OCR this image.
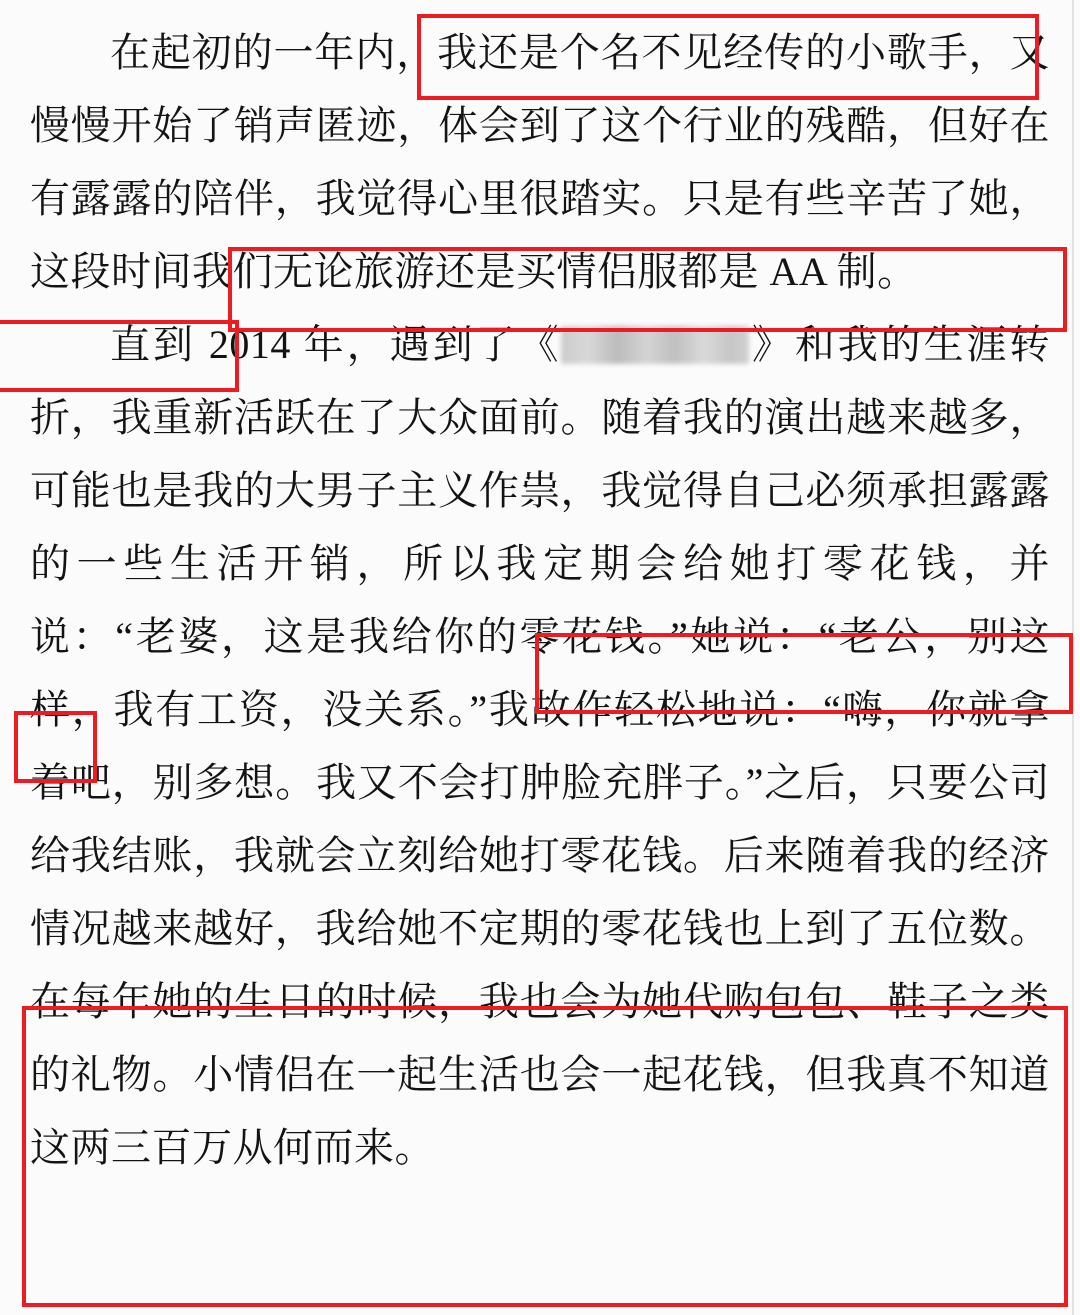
在起初的一年内，我还是个名不见经传的小歌手，又慢慢开始了销声匿迹，体会到了这个行业的残酷，但好在有露露的陪伴，我觉得心里很踏实。只是有些辛苦了她，这段时间我们无论旅游还是买情侣服都是 AA 制。

直到 2014 年，遇到了《	》和我的生涯转折，我重新活跃在了大众面前。随着我的演出越来越多，可能也是我的大男子主义作祟，我觉得自己必须承担露露的一些生活开销，所以我定期会给她打零花钱，并说：“老婆，这是我给你的零花钱。”她说：“老公，别这样，我有工资，没关系。”我故作轻松地说：“嗨，你就拿着吧，别多想。我又不会打肿脸充胖子。”之后，只要公司给我结账，我就会立刻给她打零花钱。后来随着我的经济情况越来越好，我给她不定期的零花钱也上到了五位数。在每年她的生日的时候，我也会为她代购包包、鞋子之类的礼物。小情侣在一起生活也会一起花钱，但我真不知道这两三百万从何而来。
